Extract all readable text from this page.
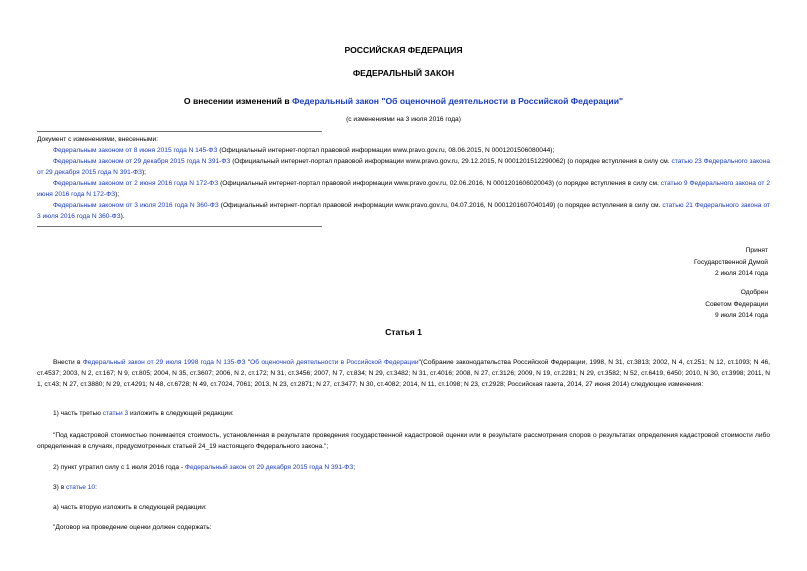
РОССИЙСКАЯ ФЕДЕРАЦИЯ
ФЕДЕРАЛЬНЫЙ ЗАКОН
О внесении изменений в Федеральный закон "Об оценочной деятельности в Российской Федерации"
(с изменениями на 3 июля 2016 года)

Документ с изменениями, внесенными:

Федеральным законом от 8 июня 2015 года N 145-ФЗ (Официальный интернет-портал правовой информации www.pravo.gov.ru, 08.06.2015, N 0001201506080044);

Федеральным законом от 29 декабря 2015 года N 391-ФЗ (Официальный интернет-портал правовой информации www.pravo.gov.ru, 29.12.2015, N 0001201512290062) (о порядке вступления в силу см. статью 23 Федерального закона от 29 декабря 2015 года N 391-ФЗ);

Федеральным законом от 2 июня 2016 года N 172-ФЗ (Официальный интернет-портал правовой информации www.pravo.gov.ru, 02.06.2016, N 0001201606020043) (о порядке вступления в силу см. статью 9 Федерального закона от 2 июня 2016 года N 172-ФЗ);

Федеральным законом от 3 июля 2016 года N 360-ФЗ (Официальный интернет-портал правовой информации www.pravo.gov.ru, 04.07.2016, N 0001201607040149) (о порядке вступления в силу см. статью 21 Федерального закона от 3 июля 2016 года N 360-ФЗ).

Принят
Государственной Думой
2 июля 2014 года
Одобрен
Советом Федерации
9 июля 2014 года
Статья 1

Внести в Федеральный закон от 29 июля 1998 года N 135-ФЗ "Об оценочной деятельности в Российской Федерации"(Собрание законодательства Российской Федерации, 1998, N 31, ст.3813; 2002, N 4, ст.251; N 12, ст.1093; N 46, ст.4537; 2003, N 2, ст.167; N 9, ст.805; 2004, N 35, ст.3607; 2006, N 2, ст.172; N 31, ст.3456; 2007, N 7, ст.834; N 29, ст.3482; N 31, ст.4016; 2008, N 27, ст.3126; 2009, N 19, ст.2281; N 29, ст.3582; N 52, ст.6419, 6450; 2010, N 30, ст.3998; 2011, N 1, ст.43; N 27, ст.3880; N 29, ст.4291; N 48, ст.6728; N 49, ст.7024, 7061; 2013, N 23, ст.2871; N 27, ст.3477; N 30, ст.4082; 2014, N 11, ст.1098; N 23, ст.2928; Российская газета, 2014, 27 июня 2014) следующие изменения:

1) часть третью статьи 3 изложить в следующей редакции:

"Под кадастровой стоимостью понимается стоимость, установленная в результате проведения государственной кадастровой оценки или в результате рассмотрения споров о результатах определения кадастровой стоимости либо определенная в случаях, предусмотренных статьей 24_19 настоящего Федерального закона.";

2) пункт утратил силу с 1 июля 2016 года - Федеральный закон от 29 декабря 2015 года N 391-ФЗ;

3) в статье 10:

а) часть вторую изложить в следующей редакции:

"Договор на проведение оценки должен содержать:
